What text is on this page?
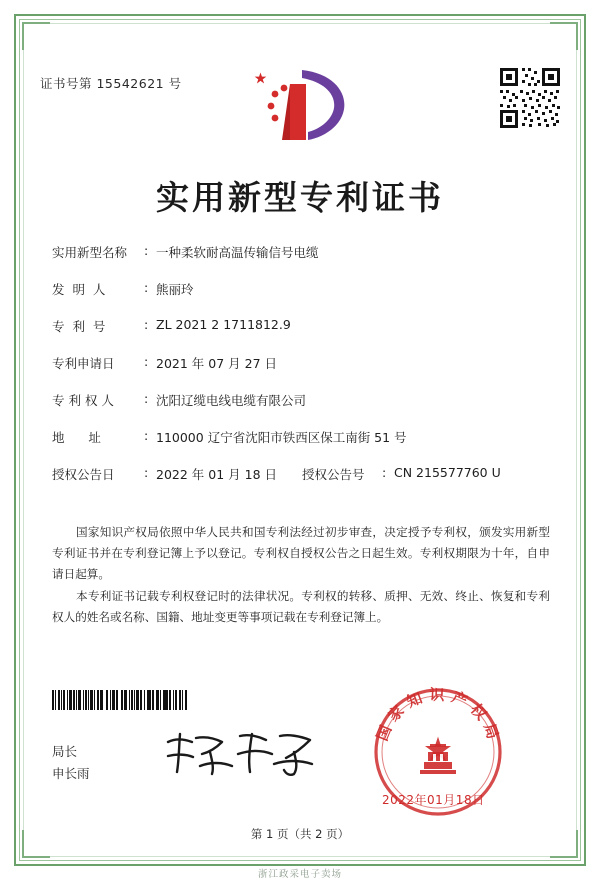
证书号第 15542621 号
实用新型专利证书
实用新型名称	: 一种柔软耐高温传输信号电缆
发  明  人	: 熊丽玲
专  利  号	: ZL 2021 2 1711812.9
专利申请日	: 2021 年 07 月 27 日
专 利 权 人	: 沈阳辽缆电线电缆有限公司
地      址	: 110000 辽宁省沈阳市铁西区保工南街 51 号
授权公告日	: 2022 年 01 月 18 日 授权公告号	: CN 215577760 U
国家知识产权局依照中华人民共和国专利法经过初步审查，决定授予专利权，颁发实用新型专利证书并在专利登记簿上予以登记。专利权自授权公告之日起生效。专利权期限为十年，自申请日起算。
本专利证书记载专利权登记时的法律状况。专利权的转移、质押、无效、终止、恢复和专利权人的姓名或名称、国籍、地址变更等事项记载在专利登记簿上。
国家知识产权局
2022年01月18日
局长
申长雨
第 1 页（共 2 页）
浙江政采电子卖场
